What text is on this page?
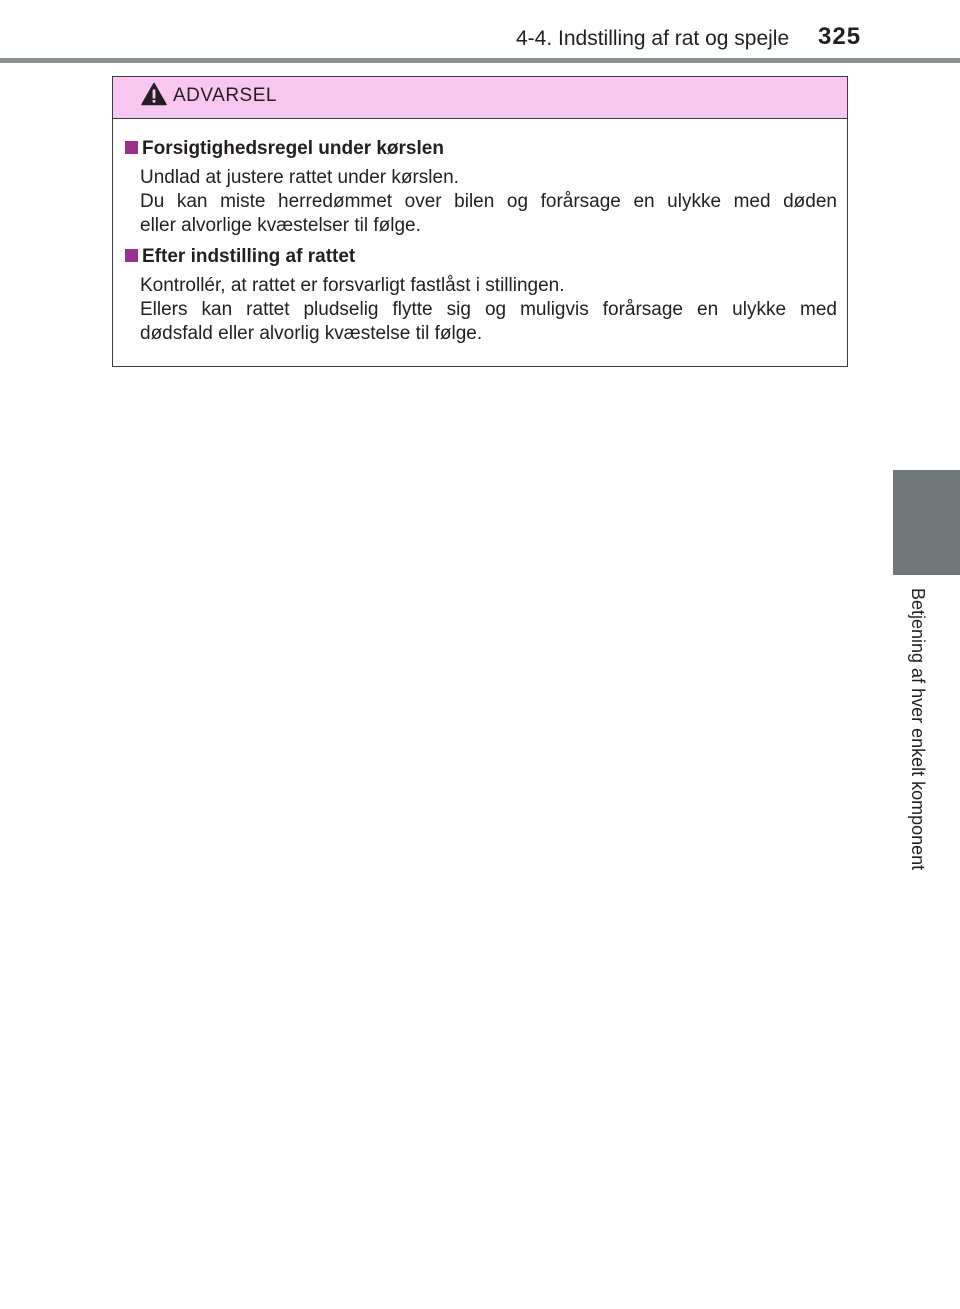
4-4. Indstilling af rat og spejle 325
4
Betjening af hver enkelt komponent
ADVARSEL
Forsigtighedsregel under kørslen

Undlad at justere rattet under kørslen.

Du kan miste herredømmet over bilen og forårsage en ulykke med døden

eller alvorlige kvæstelser til følge.

Efter indstilling af rattet

Kontrollér, at rattet er forsvarligt fastlåst i stillingen.

Ellers kan rattet pludselig flytte sig og muligvis forårsage en ulykke med

dødsfald eller alvorlig kvæstelse til følge.
